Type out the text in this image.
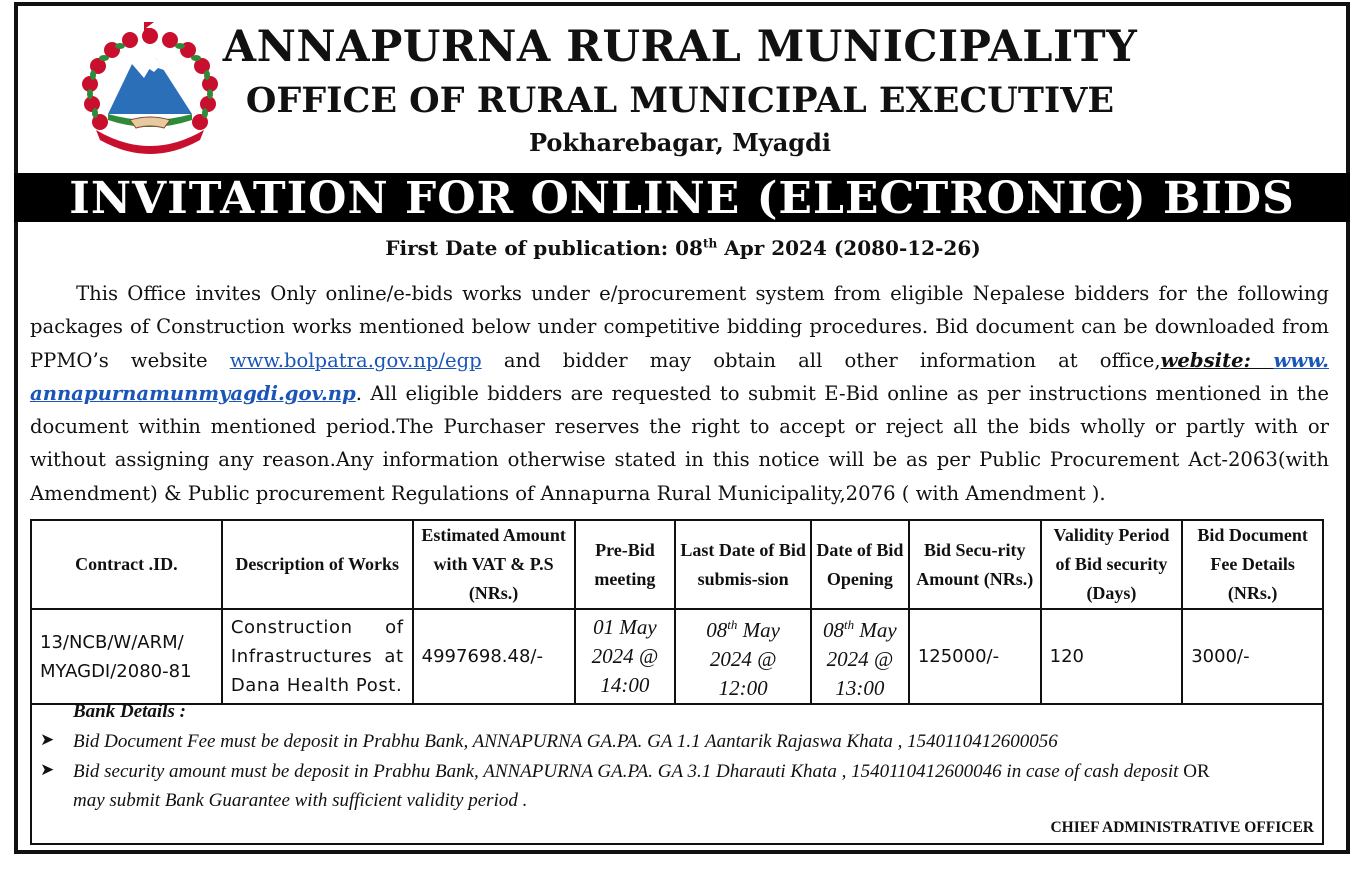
ANNAPURNA RURAL MUNICIPALITY
OFFICE OF RURAL MUNICIPAL EXECUTIVE
Pokharebagar, Myagdi
INVITATION FOR ONLINE (ELECTRONIC) BIDS
First Date of publication: 08th Apr 2024 (2080-12-26)
This Office invites Only online/e-bids works under e/procurement system from eligible Nepalese bidders for the following packages of Construction works mentioned below under competitive bidding procedures. Bid document can be downloaded from PPMO’s website www.bolpatra.gov.np/egp and bidder may obtain all other information at office,website: www. annapurnamunmyagdi.gov.np. All eligible bidders are requested to submit E-Bid online as per instructions mentioned in the document within mentioned period.The Purchaser reserves the right to accept or reject all the bids wholly or partly with or without assigning any reason.Any information otherwise stated in this notice will be as per Public Procurement Act-2063(with Amendment) & Public procurement Regulations of Annapurna Rural Municipality,2076 ( with Amendment ).
Contract .ID.	Description of Works	Estimated Amount with VAT & P.S (NRs.)	Pre-Bid meeting	Last Date of Bid submis-sion	Date of Bid Opening	Bid Secu-rity Amount (NRs.)	Validity Period of Bid security (Days)	Bid Document Fee Details (NRs.)
13/NCB/W/ARM/ MYAGDI/2080-81	Construction of Infrastructures at Dana Health Post.	4997698.48/-	01 May 2024 @ 14:00	08th May 2024 @ 12:00	08th May 2024 @ 13:00	125000/-	120	3000/-
Bank Details :
➤ Bid Document Fee must be deposit in Prabhu Bank, ANNAPURNA GA.PA. GA 1.1 Aantarik Rajaswa Khata , 1540110412600056
➤ Bid security amount must be deposit in Prabhu Bank, ANNAPURNA GA.PA. GA 3.1 Dharauti Khata , 1540110412600046 in case of cash deposit OR
may submit Bank Guarantee with sufficient validity period .
CHIEF ADMINISTRATIVE OFFICER
